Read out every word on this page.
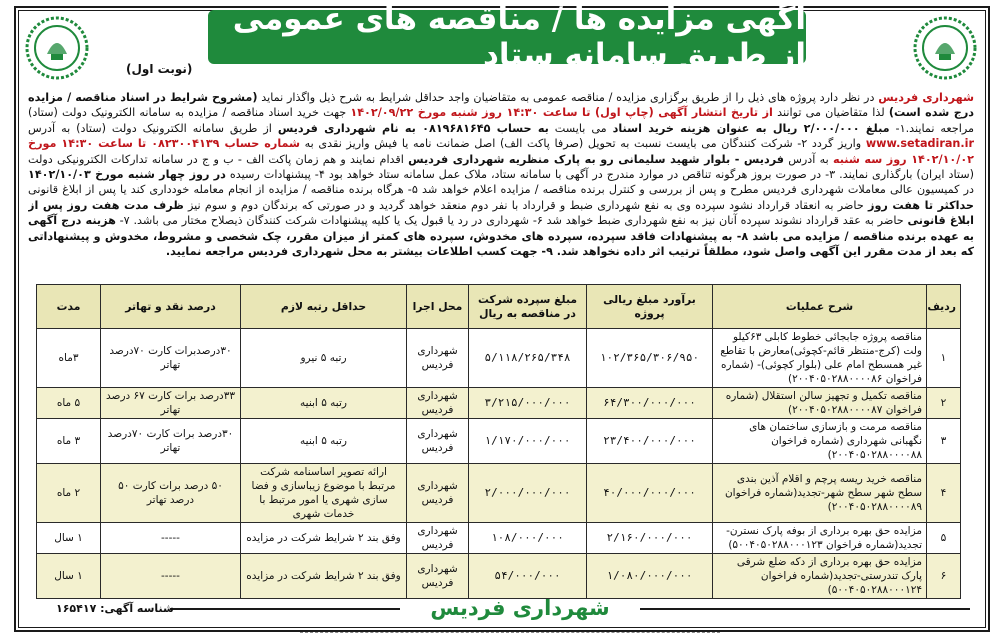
آگهی مزایده ها / مناقصه های عمومی از طریق سامانه ستاد
(نوبت اول)
شهرداری فردیس در نظر دارد پروژه های ذیل را از طریق برگزاری مزایده / مناقصه عمومی به متقاضیان واجد حداقل شرایط به شرح ذیل واگذار نماید (مشروح شرایط در اسناد مناقصه / مزایده درج شده است) لذا متقاضیان می توانند از تاریخ انتشار آگهی (چاپ اول) تا ساعت ۱۴:۳۰ روز شنبه مورخ ۱۴۰۲/۰۹/۲۲ جهت خرید اسناد مناقصه / مزایده به سامانه الکترونیک دولت (ستاد) مراجعه نمایند.۱- مبلغ ۲/۰۰۰/۰۰۰ ریال به عنوان هزینه خرید اسناد می بایست به حساب ۰۸۱۹۶۸۱۶۴۵ به نام شهرداری فردیس از طریق سامانه الکترونیک دولت (ستاد) به آدرس www.setadiran.ir واریز گردد ۲- شرکت کنندگان می بایست نسبت به تحویل (صرفا پاکت الف) اصل ضمانت نامه یا فیش واریز نقدی به شماره حساب ۰۸۲۳۰۰۴۱۳۹ تا ساعت ۱۴:۳۰ مورخ ۱۴۰۲/۱۰/۰۲ روز سه شنبه به آدرس فردیس - بلوار شهید سلیمانی رو به پارک منظریه شهرداری فردیس اقدام نمایند و هم زمان پاکت الف - ب و ج در سامانه تدارکات الکترونیکی دولت (ستاد ایران) بارگذاری نمایند. ۳- در صورت بروز هرگونه تناقص در موارد مندرج در آگهی با سامانه ستاد، ملاک عمل سامانه ستاد خواهد بود ۴- پیشنهادات رسیده در روز چهار شنبه مورخ ۱۴۰۲/۱۰/۰۳ در کمیسیون عالی معاملات شهرداری فردیس مطرح و پس از بررسی و کنترل برنده مناقصه / مزایده اعلام خواهد شد ۵- هرگاه برنده مناقصه / مزایده از انجام معامله خودداری کند یا پس از ابلاغ قانونی حداکثر تا هفت روز حاضر به انعقاد قرارداد نشود سپرده وی به نفع شهرداری ضبط و قرارداد با نفر دوم منعقد خواهد گردید و در صورتی که برندگان دوم و سوم نیز ظرف مدت هفت روز پس از ابلاغ قانونی حاضر به عقد قرارداد نشوند سپرده آنان نیز به نفع شهرداری ضبط خواهد شد ۶- شهرداری در رد یا قبول یک یا کلیه پیشنهادات شرکت کنندگان ذیصلاح مختار می باشد. ۷- هزینه درج آگهی به عهده برنده مناقصه / مزایده می باشد ۸- به پیشنهادات فاقد سپرده، سپرده های مخدوش، سپرده های کمتر از میزان مقرر، چک شخصی و مشروط، مخدوش و پیشنهاداتی که بعد از مدت مقرر این آگهی واصل شود، مطلقاً ترتیب اثر داده نخواهد شد. ۹- جهت کسب اطلاعات بیشتر به محل شهرداری فردیس مراجعه نمایید.
ردیف	شرح عملیات	برآورد مبلغ ریالی پروژه	مبلغ سپرده شرکت در مناقصه به ریال	محل اجرا	حداقل رتبه لازم	درصد نقد و تهاتر	مدت
۱	مناقصه پروژه جابجائی خطوط کابلی ۶۳کیلو ولت (کرج-منتظر قائم-کچوئی)معارض با تقاطع غیر همسطح امام علی (بلوار کچوئی)- (شماره فراخوان ۲۰۰۴۰۵۰۲۸۸۰۰۰۰۸۶)	۱۰۲/۳۶۵/۳۰۶/۹۵۰	۵/۱۱۸/۲۶۵/۳۴۸	شهرداری فردیس	رتبه ۵ نیرو	۳۰درصدبرات کارت ۷۰درصد تهاتر	۳ماه
۲	مناقصه تکمیل و تجهیز سالن استقلال (شماره فراخوان ۲۰۰۴۰۵۰۲۸۸۰۰۰۰۸۷)	۶۴/۳۰۰/۰۰۰/۰۰۰	۳/۲۱۵/۰۰۰/۰۰۰	شهرداری فردیس	رتبه ۵ ابنیه	۳۳درصد برات کارت ۶۷ درصد تهاتر	۵ ماه
۳	مناقصه مرمت و بازسازی ساختمان های نگهبانی شهرداری (شماره فراخوان ۲۰۰۴۰۵۰۲۸۸۰۰۰۰۸۸)	۲۳/۴۰۰/۰۰۰/۰۰۰	۱/۱۷۰/۰۰۰/۰۰۰	شهرداری فردیس	رتبه ۵ ابنیه	۳۰درصد برات کارت ۷۰درصد تهاتر	۳ ماه
۴	مناقصه خرید ریسه پرچم و اقلام آذین بندی سطح شهر سطح شهر-تجدید(شماره فراخوان ۲۰۰۴۰۵۰۲۸۸۰۰۰۰۸۹)	۴۰/۰۰۰/۰۰۰/۰۰۰	۲/۰۰۰/۰۰۰/۰۰۰	شهرداری فردیس	ارائه تصویر اساسنامه شرکت مرتبط با موضوع زیباسازی و فضا سازی شهری یا امور مرتبط با خدمات شهری	۵۰ درصد برات کارت ۵۰ درصد تهاتر	۲ ماه
۵	مزایده حق بهره برداری از بوفه پارک نسترن-تجدید(شماره فراخوان ۵۰۰۴۰۵۰۲۸۸۰۰۰۱۲۳)	۲/۱۶۰/۰۰۰/۰۰۰	۱۰۸/۰۰۰/۰۰۰	شهرداری فردیس	وفق بند ۲ شرایط شرکت در مزایده	-----	۱ سال
۶	مزایده حق بهره برداری از دکه ضلع شرقی پارک تندرستی-تجدید(شماره فراخوان ۵۰۰۴۰۵۰۲۸۸۰۰۰۱۲۴)	۱/۰۸۰/۰۰۰/۰۰۰	۵۴/۰۰۰/۰۰۰	شهرداری فردیس	وفق بند ۲ شرایط شرکت در مزایده	-----	۱ سال
شهرداری فردیس
شناسه آگهی: ۱۶۵۴۱۷
